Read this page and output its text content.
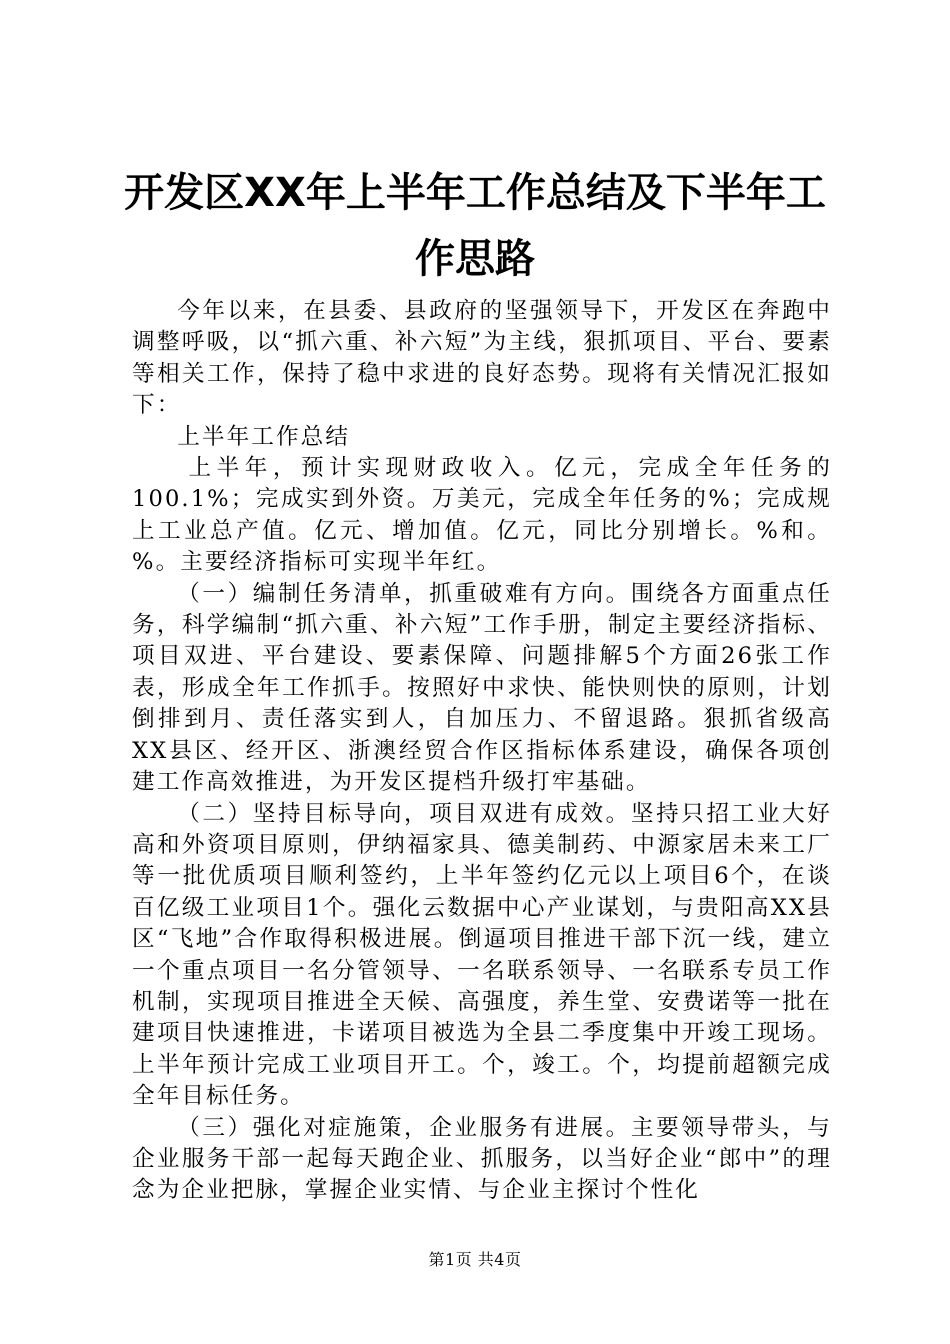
开发区XX年上半年工作总结及下半年工作思路

今年以来，在县委、县政府的坚强领导下，开发区在奔跑中调整呼吸，以“抓六重、补六短”为主线，狠抓项目、平台、要素等相关工作，保持了稳中求进的良好态势。现将有关情况汇报如下：

上半年工作总结

上半年，预计实现财政收入。亿元，完成全年任务的100.1%；完成实到外资。万美元，完成全年任务的%；完成规上工业总产值。亿元、增加值。亿元，同比分别增长。%和。%。主要经济指标可实现半年红。

（一）编制任务清单，抓重破难有方向。围绕各方面重点任务，科学编制“抓六重、补六短”工作手册，制定主要经济指标、项目双进、平台建设、要素保障、问题排解5个方面26张工作表，形成全年工作抓手。按照好中求快、能快则快的原则，计划倒排到月、责任落实到人，自加压力、不留退路。狠抓省级高XX县区、经开区、浙澳经贸合作区指标体系建设，确保各项创建工作高效推进，为开发区提档升级打牢基础。

（二）坚持目标导向，项目双进有成效。坚持只招工业大好高和外资项目原则，伊纳福家具、德美制药、中源家居未来工厂等一批优质项目顺利签约，上半年签约亿元以上项目6个，在谈百亿级工业项目1个。强化云数据中心产业谋划，与贵阳高XX县区“飞地”合作取得积极进展。倒逼项目推进干部下沉一线，建立一个重点项目一名分管领导、一名联系领导、一名联系专员工作机制，实现项目推进全天候、高强度，养生堂、安费诺等一批在建项目快速推进，卡诺项目被选为全县二季度集中开竣工现场。上半年预计完成工业项目开工。个，竣工。个，均提前超额完成全年目标任务。

（三）强化对症施策，企业服务有进展。主要领导带头，与企业服务干部一起每天跑企业、抓服务，以当好企业“郎中”的理念为企业把脉，掌握企业实情、与企业主探讨个性化

第1页 共4页
